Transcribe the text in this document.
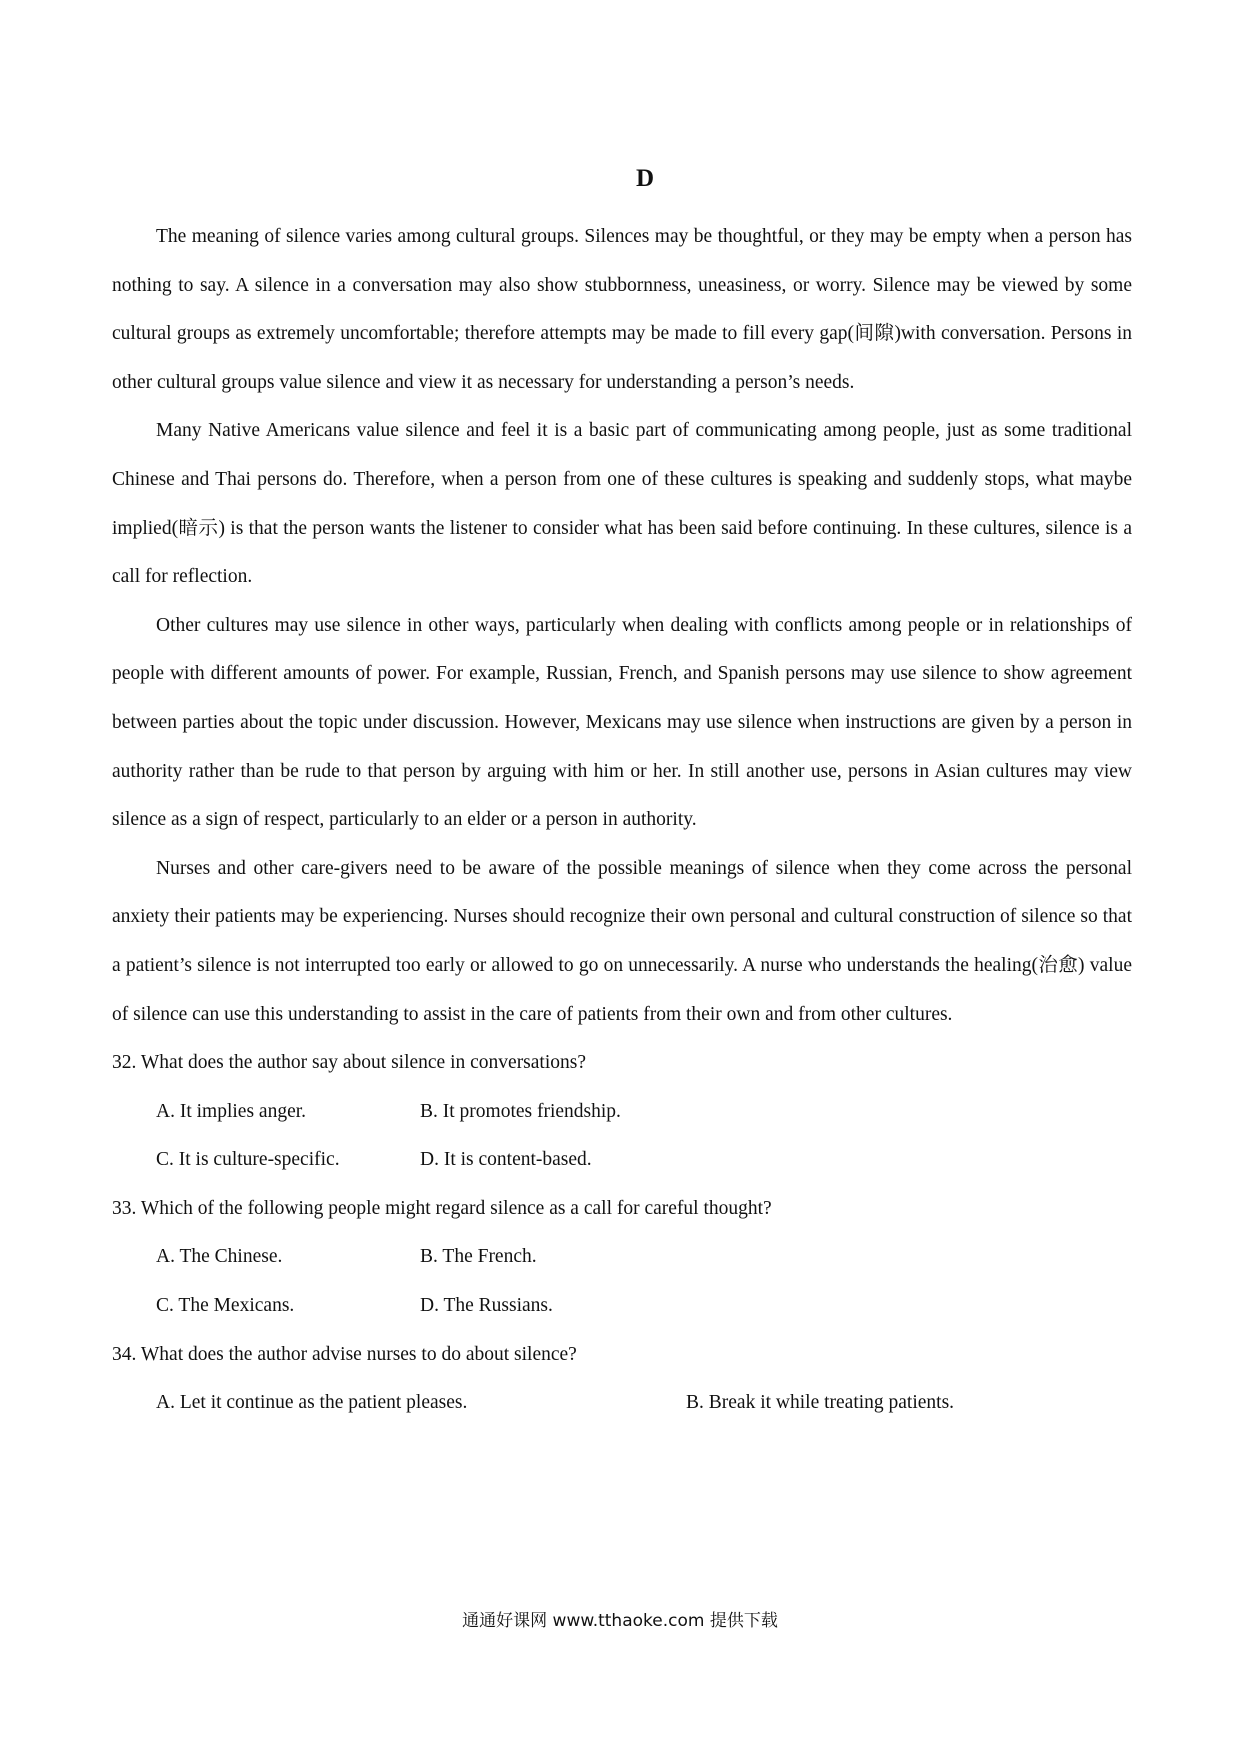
D

The meaning of silence varies among cultural groups. Silences may be thoughtful, or they may be empty when a person has nothing to say. A silence in a conversation may also show stubbornness, uneasiness, or worry. Silence may be viewed by some cultural groups as extremely uncomfortable; therefore attempts may be made to fill every gap(间隙)with conversation. Persons in other cultural groups value silence and view it as necessary for understanding a person’s needs.

Many Native Americans value silence and feel it is a basic part of communicating among people, just as some traditional Chinese and Thai persons do. Therefore, when a person from one of these cultures is speaking and suddenly stops, what maybe implied(暗示) is that the person wants the listener to consider what has been said before continuing. In these cultures, silence is a call for reflection.

Other cultures may use silence in other ways, particularly when dealing with conflicts among people or in relationships of people with different amounts of power. For example, Russian, French, and Spanish persons may use silence to show agreement between parties about the topic under discussion. However, Mexicans may use silence when instructions are given by a person in authority rather than be rude to that person by arguing with him or her. In still another use, persons in Asian cultures may view silence as a sign of respect, particularly to an elder or a person in authority.

Nurses and other care-givers need to be aware of the possible meanings of silence when they come across the personal anxiety their patients may be experiencing. Nurses should recognize their own personal and cultural construction of silence so that a patient’s silence is not interrupted too early or allowed to go on unnecessarily. A nurse who understands the healing(治愈) value of silence can use this understanding to assist in the care of patients from their own and from other cultures.

32. What does the author say about silence in conversations?

A. It implies anger.	B. It promotes friendship.
C. It is culture-specific.	D. It is content-based.

33. Which of the following people might regard silence as a call for careful thought?

A. The Chinese.	B. The French.
C. The Mexicans.	D. The Russians.

34. What does the author advise nurses to do about silence?

A. Let it continue as the patient pleases.	B. Break it while treating patients.
通通好课网 www.tthaoke.com 提供下载
